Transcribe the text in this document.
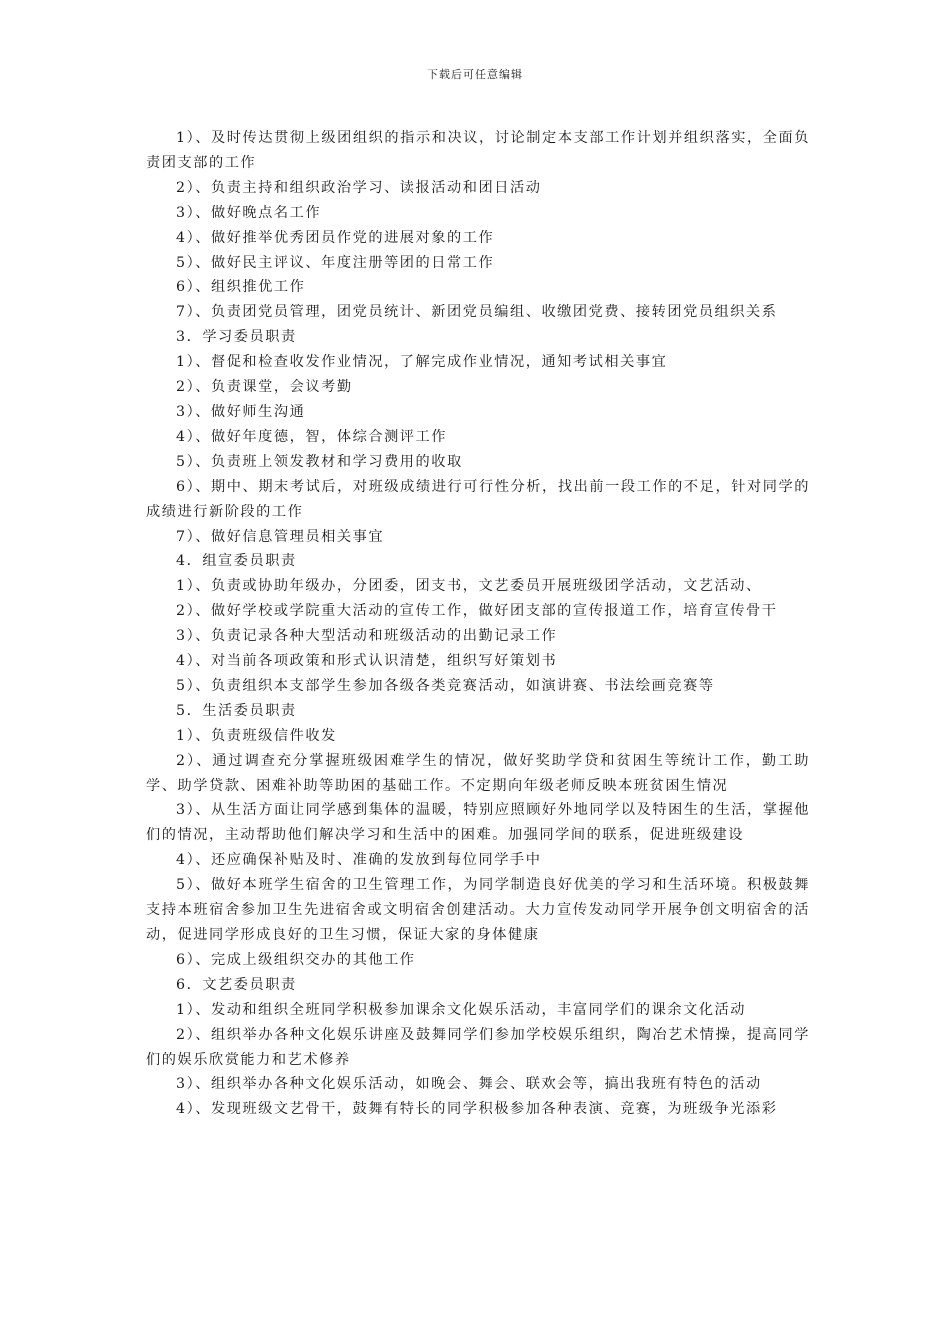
下载后可任意编辑
1）、及时传达贯彻上级团组织的指示和决议，讨论制定本支部工作计划并组织落实，全面负责团支部的工作
2）、负责主持和组织政治学习、读报活动和团日活动
3）、做好晚点名工作
4）、做好推举优秀团员作党的进展对象的工作
5）、做好民主评议、年度注册等团的日常工作
6）、组织推优工作
7）、负责团党员管理，团党员统计、新团党员编组、收缴团党费、接转团党员组织关系
3．学习委员职责
1）、督促和检查收发作业情况，了解完成作业情况，通知考试相关事宜
2）、负责课堂，会议考勤
3）、做好师生沟通
4）、做好年度德，智，体综合测评工作
5）、负责班上领发教材和学习费用的收取
6）、期中、期末考试后，对班级成绩进行可行性分析，找出前一段工作的不足，针对同学的成绩进行新阶段的工作
7）、做好信息管理员相关事宜
4．组宣委员职责
1）、负责或协助年级办，分团委，团支书，文艺委员开展班级团学活动，文艺活动、
2）、做好学校或学院重大活动的宣传工作，做好团支部的宣传报道工作，培育宣传骨干
3）、负责记录各种大型活动和班级活动的出勤记录工作
4）、对当前各项政策和形式认识清楚，组织写好策划书
5）、负责组织本支部学生参加各级各类竞赛活动，如演讲赛、书法绘画竞赛等
5．生活委员职责
1）、负责班级信件收发
2）、通过调查充分掌握班级困难学生的情况，做好奖助学贷和贫困生等统计工作，勤工助学、助学贷款、困难补助等助困的基础工作。不定期向年级老师反映本班贫困生情况
3）、从生活方面让同学感到集体的温暖，特别应照顾好外地同学以及特困生的生活，掌握他们的情况，主动帮助他们解决学习和生活中的困难。加强同学间的联系，促进班级建设
4）、还应确保补贴及时、准确的发放到每位同学手中
5）、做好本班学生宿舍的卫生管理工作，为同学制造良好优美的学习和生活环境。积极鼓舞支持本班宿舍参加卫生先进宿舍或文明宿舍创建活动。大力宣传发动同学开展争创文明宿舍的活动，促进同学形成良好的卫生习惯，保证大家的身体健康
6）、完成上级组织交办的其他工作
6．文艺委员职责
1）、发动和组织全班同学积极参加课余文化娱乐活动，丰富同学们的课余文化活动
2）、组织举办各种文化娱乐讲座及鼓舞同学们参加学校娱乐组织，陶冶艺术情操，提高同学们的娱乐欣赏能力和艺术修养
3）、组织举办各种文化娱乐活动，如晚会、舞会、联欢会等，搞出我班有特色的活动
4）、发现班级文艺骨干，鼓舞有特长的同学积极参加各种表演、竞赛，为班级争光添彩
